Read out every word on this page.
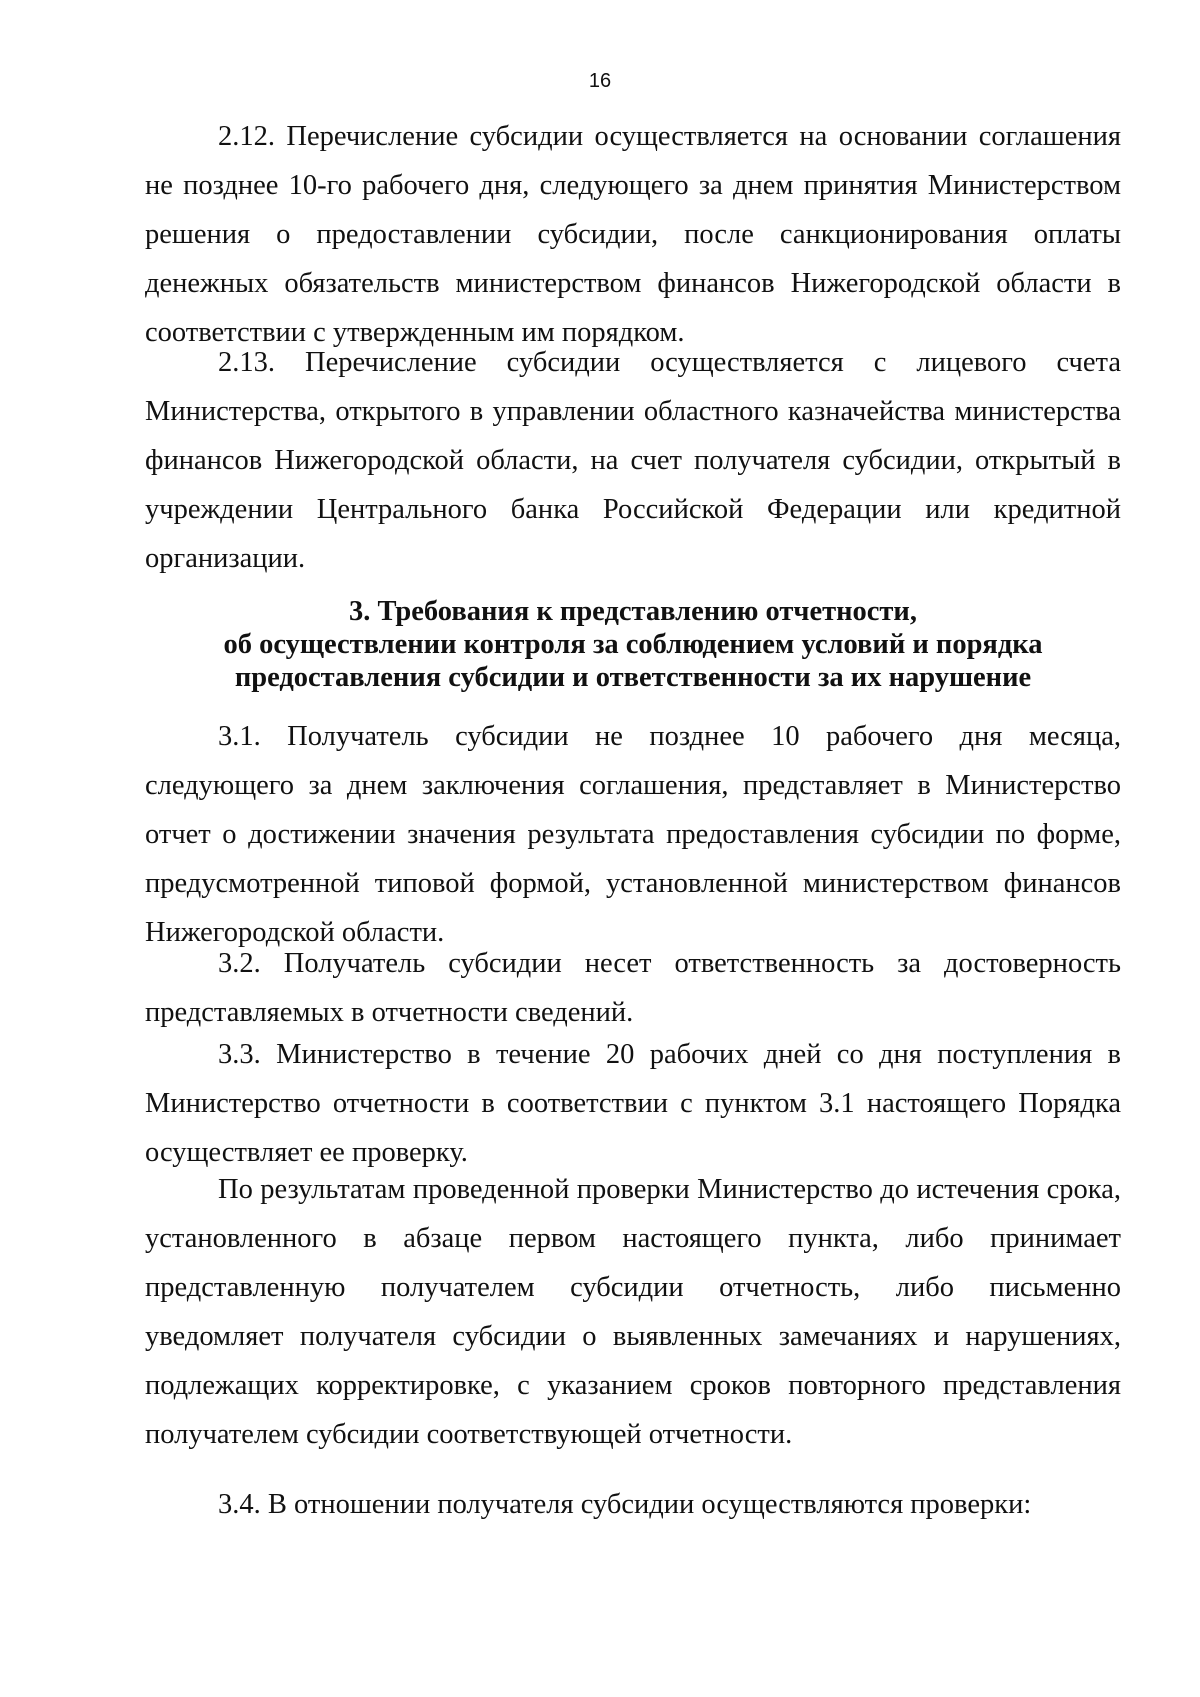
16

2.12. Перечисление субсидии осуществляется на основании соглашения не позднее 10-го рабочего дня, следующего за днем принятия Министерством решения о предоставлении субсидии, после санкционирования оплаты денежных обязательств министерством финансов Нижегородской области в соответствии с утвержденным им порядком.

2.13. Перечисление субсидии осуществляется с лицевого счета Министерства, открытого в управлении областного казначейства министерства финансов Нижегородской области, на счет получателя субсидии, открытый в учреждении Центрального банка Российской Федерации или кредитной организации.

3. Требования к представлению отчетности,
об осуществлении контроля за соблюдением условий и порядка
предоставления субсидии и ответственности за их нарушение

3.1. Получатель субсидии не позднее 10 рабочего дня месяца, следующего за днем заключения соглашения, представляет в Министерство отчет о достижении значения результата предоставления субсидии по форме, предусмотренной типовой формой, установленной министерством финансов Нижегородской области.

3.2. Получатель субсидии несет ответственность за достоверность представляемых в отчетности сведений.

3.3. Министерство в течение 20 рабочих дней со дня поступления в Министерство отчетности в соответствии с пунктом 3.1 настоящего Порядка осуществляет ее проверку.

По результатам проведенной проверки Министерство до истечения срока, установленного в абзаце первом настоящего пункта, либо принимает представленную получателем субсидии отчетность, либо письменно уведомляет получателя субсидии о выявленных замечаниях и нарушениях, подлежащих корректировке, с указанием сроков повторного представления получателем субсидии соответствующей отчетности.

3.4. В отношении получателя субсидии осуществляются проверки:
